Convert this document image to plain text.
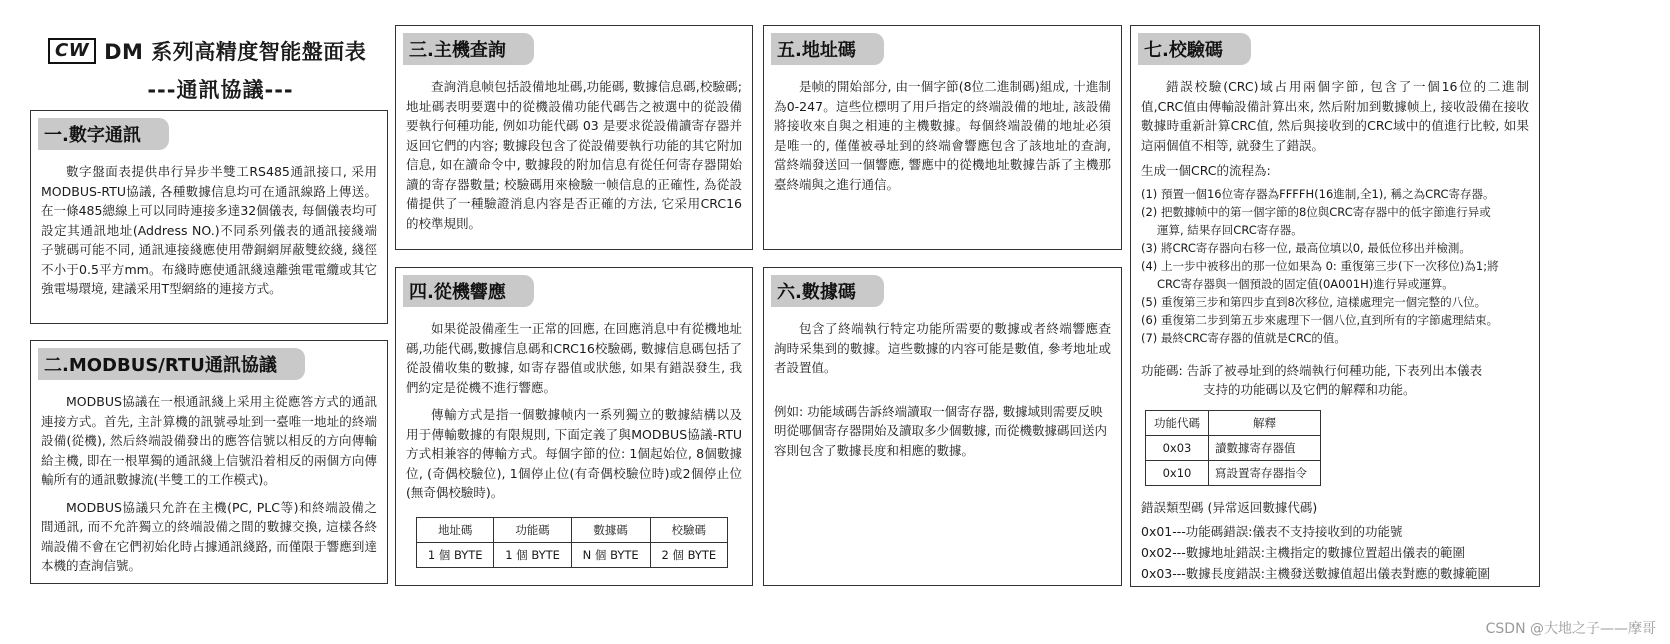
CW DM 系列高精度智能盤面表
---通訊協議---
一.數字通訊

數字盤面表提供串行异步半雙工RS485通訊接口, 采用MODBUS-RTU協議, 各種數據信息均可在通訊線路上傳送。在一條485總線上可以同時連接多達32個儀表, 每個儀表均可設定其通訊地址(Address NO.)不同系列儀表的通訊接綫端子號碼可能不同, 通訊連接綫應使用帶銅網屏蔽雙絞綫, 綫徑不小于0.5平方mm。布綫時應使通訊綫遠離強電電纜或其它強電場環境, 建議采用T型網絡的連接方式。

二.MODBUS/RTU通訊協議

MODBUS協議在一根通訊綫上采用主從應答方式的通訊連接方式。首先, 主計算機的訊號尋址到一臺唯一地址的終端設備(從機), 然后終端設備發出的應答信號以相反的方向傳輸給主機, 即在一根單獨的通訊綫上信號沿着相反的兩個方向傳輸所有的通訊數據流(半雙工的工作模式)。

MODBUS協議只允許在主機(PC, PLC等)和終端設備之間通訊, 而不允許獨立的終端設備之間的數據交換, 這樣各終端設備不會在它們初始化時占據通訊綫路, 而僅限于響應到達本機的查詢信號。

三.主機查詢

查詢消息帧包括設備地址碼,功能碼, 數據信息碼,校驗碼; 地址碼表明要選中的從機設備功能代碼告之被選中的從設備要執行何種功能, 例如功能代碼 03 是要求從設備讀寄存器并返回它們的内容; 數據段包含了從設備要執行功能的其它附加信息, 如在讀命令中, 數據段的附加信息有從任何寄存器開始讀的寄存器數量; 校驗碼用來檢驗一帧信息的正確性, 為從設備提供了一種驗證消息内容是否正確的方法, 它采用CRC16的校準規則。

四.從機響應

如果從設備產生一正常的回應, 在回應消息中有從機地址碼,功能代碼,數據信息碼和CRC16校驗碼, 數據信息碼包括了從設備收集的數據, 如寄存器值或狀態, 如果有錯誤發生, 我們約定是從機不進行響應。

傳輸方式是指一個數據帧内一系列獨立的數據結構以及用于傳輸數據的有限規則, 下面定義了與MODBUS協議-RTU方式相兼容的傳輸方式。每個字節的位: 1個起始位, 8個數據位, (奇偶校驗位), 1個停止位(有奇偶校驗位時)或2個停止位(無奇偶校驗時)。

地址碼	功能碼	數據碼	校驗碼
1 個 BYTE	1 個 BYTE	N 個 BYTE	2 個 BYTE
五.地址碼

是帧的開始部分, 由一個字節(8位二進制碼)組成, 十進制為0-247。這些位標明了用戶指定的終端設備的地址, 該設備將接收來自與之相連的主機數據。每個終端設備的地址必須是唯一的, 僅僅被尋址到的終端會響應包含了該地址的查詢, 當終端發送回一個響應, 響應中的從機地址數據告訴了主機那臺終端與之進行通信。

六.數據碼

包含了終端執行特定功能所需要的數據或者終端響應查詢時采集到的數據。這些數據的内容可能是數值, 參考地址或者設置值。

例如: 功能域碼告訴終端讀取一個寄存器, 數據域則需要反映明從哪個寄存器開始及讀取多少個數據, 而從機數據碼回送内容則包含了數據長度和相應的數據。

七.校驗碼

錯誤校驗(CRC)域占用兩個字節, 包含了一個16位的二進制值,CRC值由傳輸設備計算出來, 然后附加到數據帧上, 接收設備在接收數據時重新計算CRC值, 然后與接收到的CRC域中的值進行比較, 如果這兩個值不相等, 就發生了錯誤。

生成一個CRC的流程為:

(1) 預置一個16位寄存器為FFFFH(16進制,全1), 稱之為CRC寄存器。
(2) 把數據帧中的第一個字節的8位與CRC寄存器中的低字節進行异或
運算, 結果存回CRC寄存器。
(3) 將CRC寄存器向右移一位, 最高位填以0, 最低位移出并檢測。
(4) 上一步中被移出的那一位如果為 0: 重復第三步(下一次移位)為1;將
CRC寄存器與一個預設的固定值(0A001H)進行异或運算。
(5) 重復第三步和第四步直到8次移位, 這樣處理完一個完整的八位。
(6) 重復第二步到第五步來處理下一個八位,直到所有的字節處理結束。
(7) 最終CRC寄存器的值就是CRC的值。

功能碼: 告訴了被尋址到的終端執行何種功能, 下表列出本儀表

支持的功能碼以及它們的解釋和功能。

功能代碼	解釋
0x03	讀數據寄存器值
0x10	寫設置寄存器指令

錯誤類型碼 (异常返回數據代碼)

0x01---功能碼錯誤:儀表不支持接收到的功能號
0x02---數據地址錯誤:主機指定的數據位置超出儀表的範圍
0x03---數據長度錯誤:主機發送數據值超出儀表對應的數據範圍
CSDN @大地之子——摩哥
